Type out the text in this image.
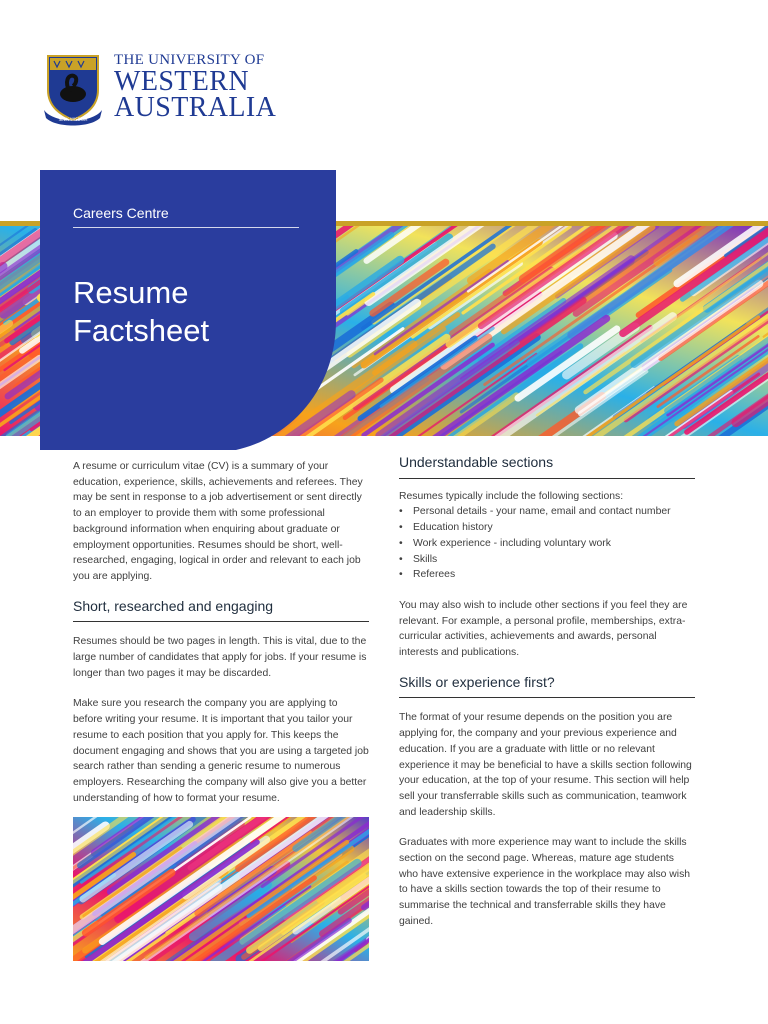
SEEK WISDOM
THE UNIVERSITY OF
WESTERN
AUSTRALIA
Careers Centre
Resume
Factsheet

A resume or curriculum vitae (CV) is a summary of your education, experience, skills, achievements and referees. They may be sent in response to a job advertisement or sent directly to an employer to provide them with some professional background information when enquiring about graduate or employment opportunities. Resumes should be short, well-researched, engaging, logical in order and relevant to each job you are applying.

Short, researched and engaging

Resumes should be two pages in length. This is vital, due to the large number of candidates that apply for jobs. If your resume is longer than two pages it may be discarded.

Make sure you research the company you are applying to before writing your resume. It is important that you tailor your resume to each position that you apply for. This keeps the document engaging and shows that you are using a targeted job search rather than sending a generic resume to numerous employers. Researching the company will also give you a better understanding of how to format your resume.

Understandable sections

Resumes typically include the following sections:

• Personal details - your name, email and contact number
• Education history
• Work experience - including voluntary work
• Skills
• Referees

You may also wish to include other sections if you feel they are relevant. For example, a personal profile, memberships, extra-curricular activities, achievements and awards, personal interests and publications.

Skills or experience first?

The format of your resume depends on the position you are applying for, the company and your previous experience and education. If you are a graduate with little or no relevant experience it may be beneficial to have a skills section following your education, at the top of your resume. This section will help sell your transferrable skills such as communication, teamwork and leadership skills.

Graduates with more experience may want to include the skills section on the second page. Whereas, mature age students who have extensive experience in the workplace may also wish to have a skills section towards the top of their resume to summarise the technical and transferrable skills they have gained.
